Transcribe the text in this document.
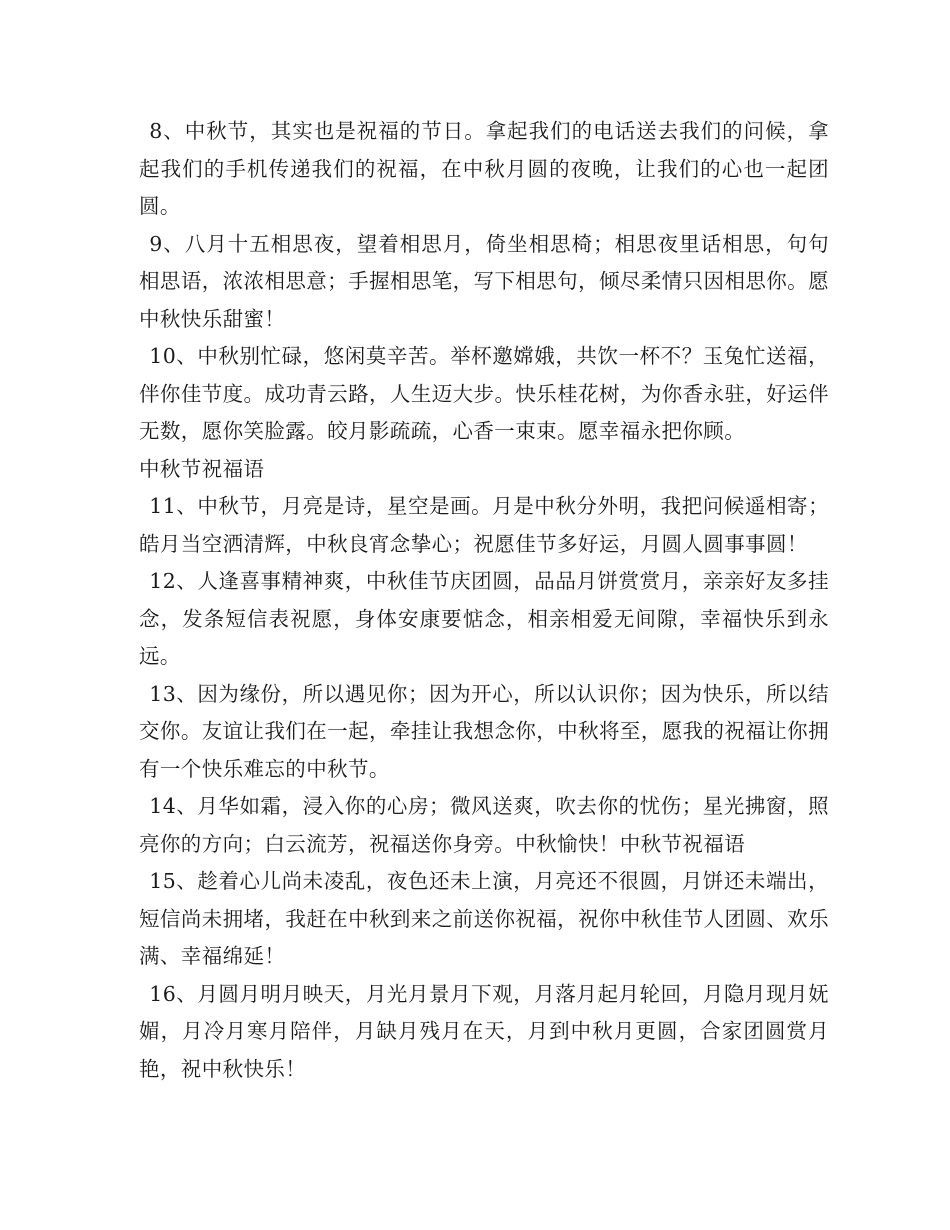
8、中秋节，其实也是祝福的节日。拿起我们的电话送去我们的问候，拿起我们的手机传递我们的祝福，在中秋月圆的夜晚，让我们的心也一起团圆。

9、八月十五相思夜，望着相思月，倚坐相思椅；相思夜里话相思，句句相思语，浓浓相思意；手握相思笔，写下相思句，倾尽柔情只因相思你。愿中秋快乐甜蜜！

10、中秋别忙碌，悠闲莫辛苦。举杯邀嫦娥，共饮一杯不？玉兔忙送福，伴你佳节度。成功青云路，人生迈大步。快乐桂花树，为你香永驻，好运伴无数，愿你笑脸露。皎月影疏疏，心香一束束。愿幸福永把你顾。

中秋节祝福语

11、中秋节，月亮是诗，星空是画。月是中秋分外明，我把问候遥相寄；皓月当空洒清辉，中秋良宵念挚心；祝愿佳节多好运，月圆人圆事事圆！

12、人逢喜事精神爽，中秋佳节庆团圆，品品月饼赏赏月，亲亲好友多挂念，发条短信表祝愿，身体安康要惦念，相亲相爱无间隙，幸福快乐到永远。

13、因为缘份，所以遇见你；因为开心，所以认识你；因为快乐，所以结交你。友谊让我们在一起，牵挂让我想念你，中秋将至，愿我的祝福让你拥有一个快乐难忘的中秋节。

14、月华如霜，浸入你的心房；微风送爽，吹去你的忧伤；星光拂窗，照亮你的方向；白云流芳，祝福送你身旁。中秋愉快！中秋节祝福语

15、趁着心儿尚未凌乱，夜色还未上演，月亮还不很圆，月饼还未端出，短信尚未拥堵，我赶在中秋到来之前送你祝福，祝你中秋佳节人团圆、欢乐满、幸福绵延！

16、月圆月明月映天，月光月景月下观，月落月起月轮回，月隐月现月妩媚，月冷月寒月陪伴，月缺月残月在天，月到中秋月更圆，合家团圆赏月艳，祝中秋快乐！
